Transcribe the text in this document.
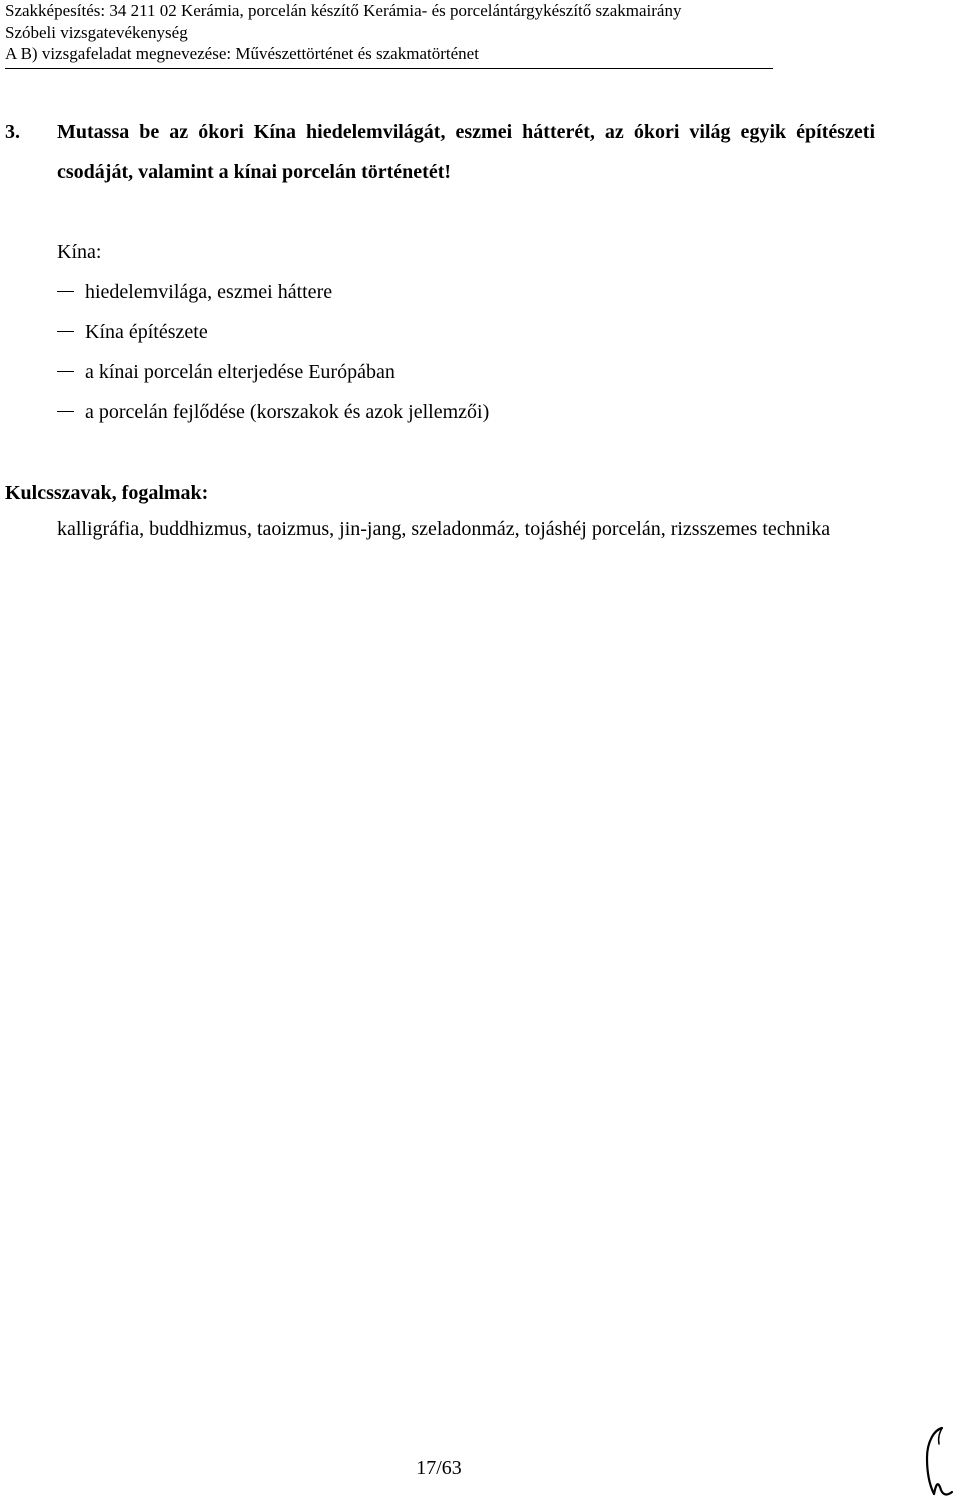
Szakképesítés: 34 211 02 Kerámia, porcelán készítő Kerámia- és porcelántárgykészítő szakmairány
Szóbeli vizsgatevékenység
A B) vizsgafeladat megnevezése: Művészettörténet és szakmatörténet
3. Mutassa be az ókori Kína hiedelemvilágát, eszmei hátterét, az ókori világ egyik építészeti csodáját, valamint a kínai porcelán történetét!
Kína:
hiedelemvilága, eszmei háttere
Kína építészete
a kínai porcelán elterjedése Európában
a porcelán fejlődése (korszakok és azok jellemzői)
Kulcsszavak, fogalmak:
kalligráfia, buddhizmus, taoizmus, jin-jang, szeladonmáz, tojáshéj porcelán, rizsszemes technika
17/63
